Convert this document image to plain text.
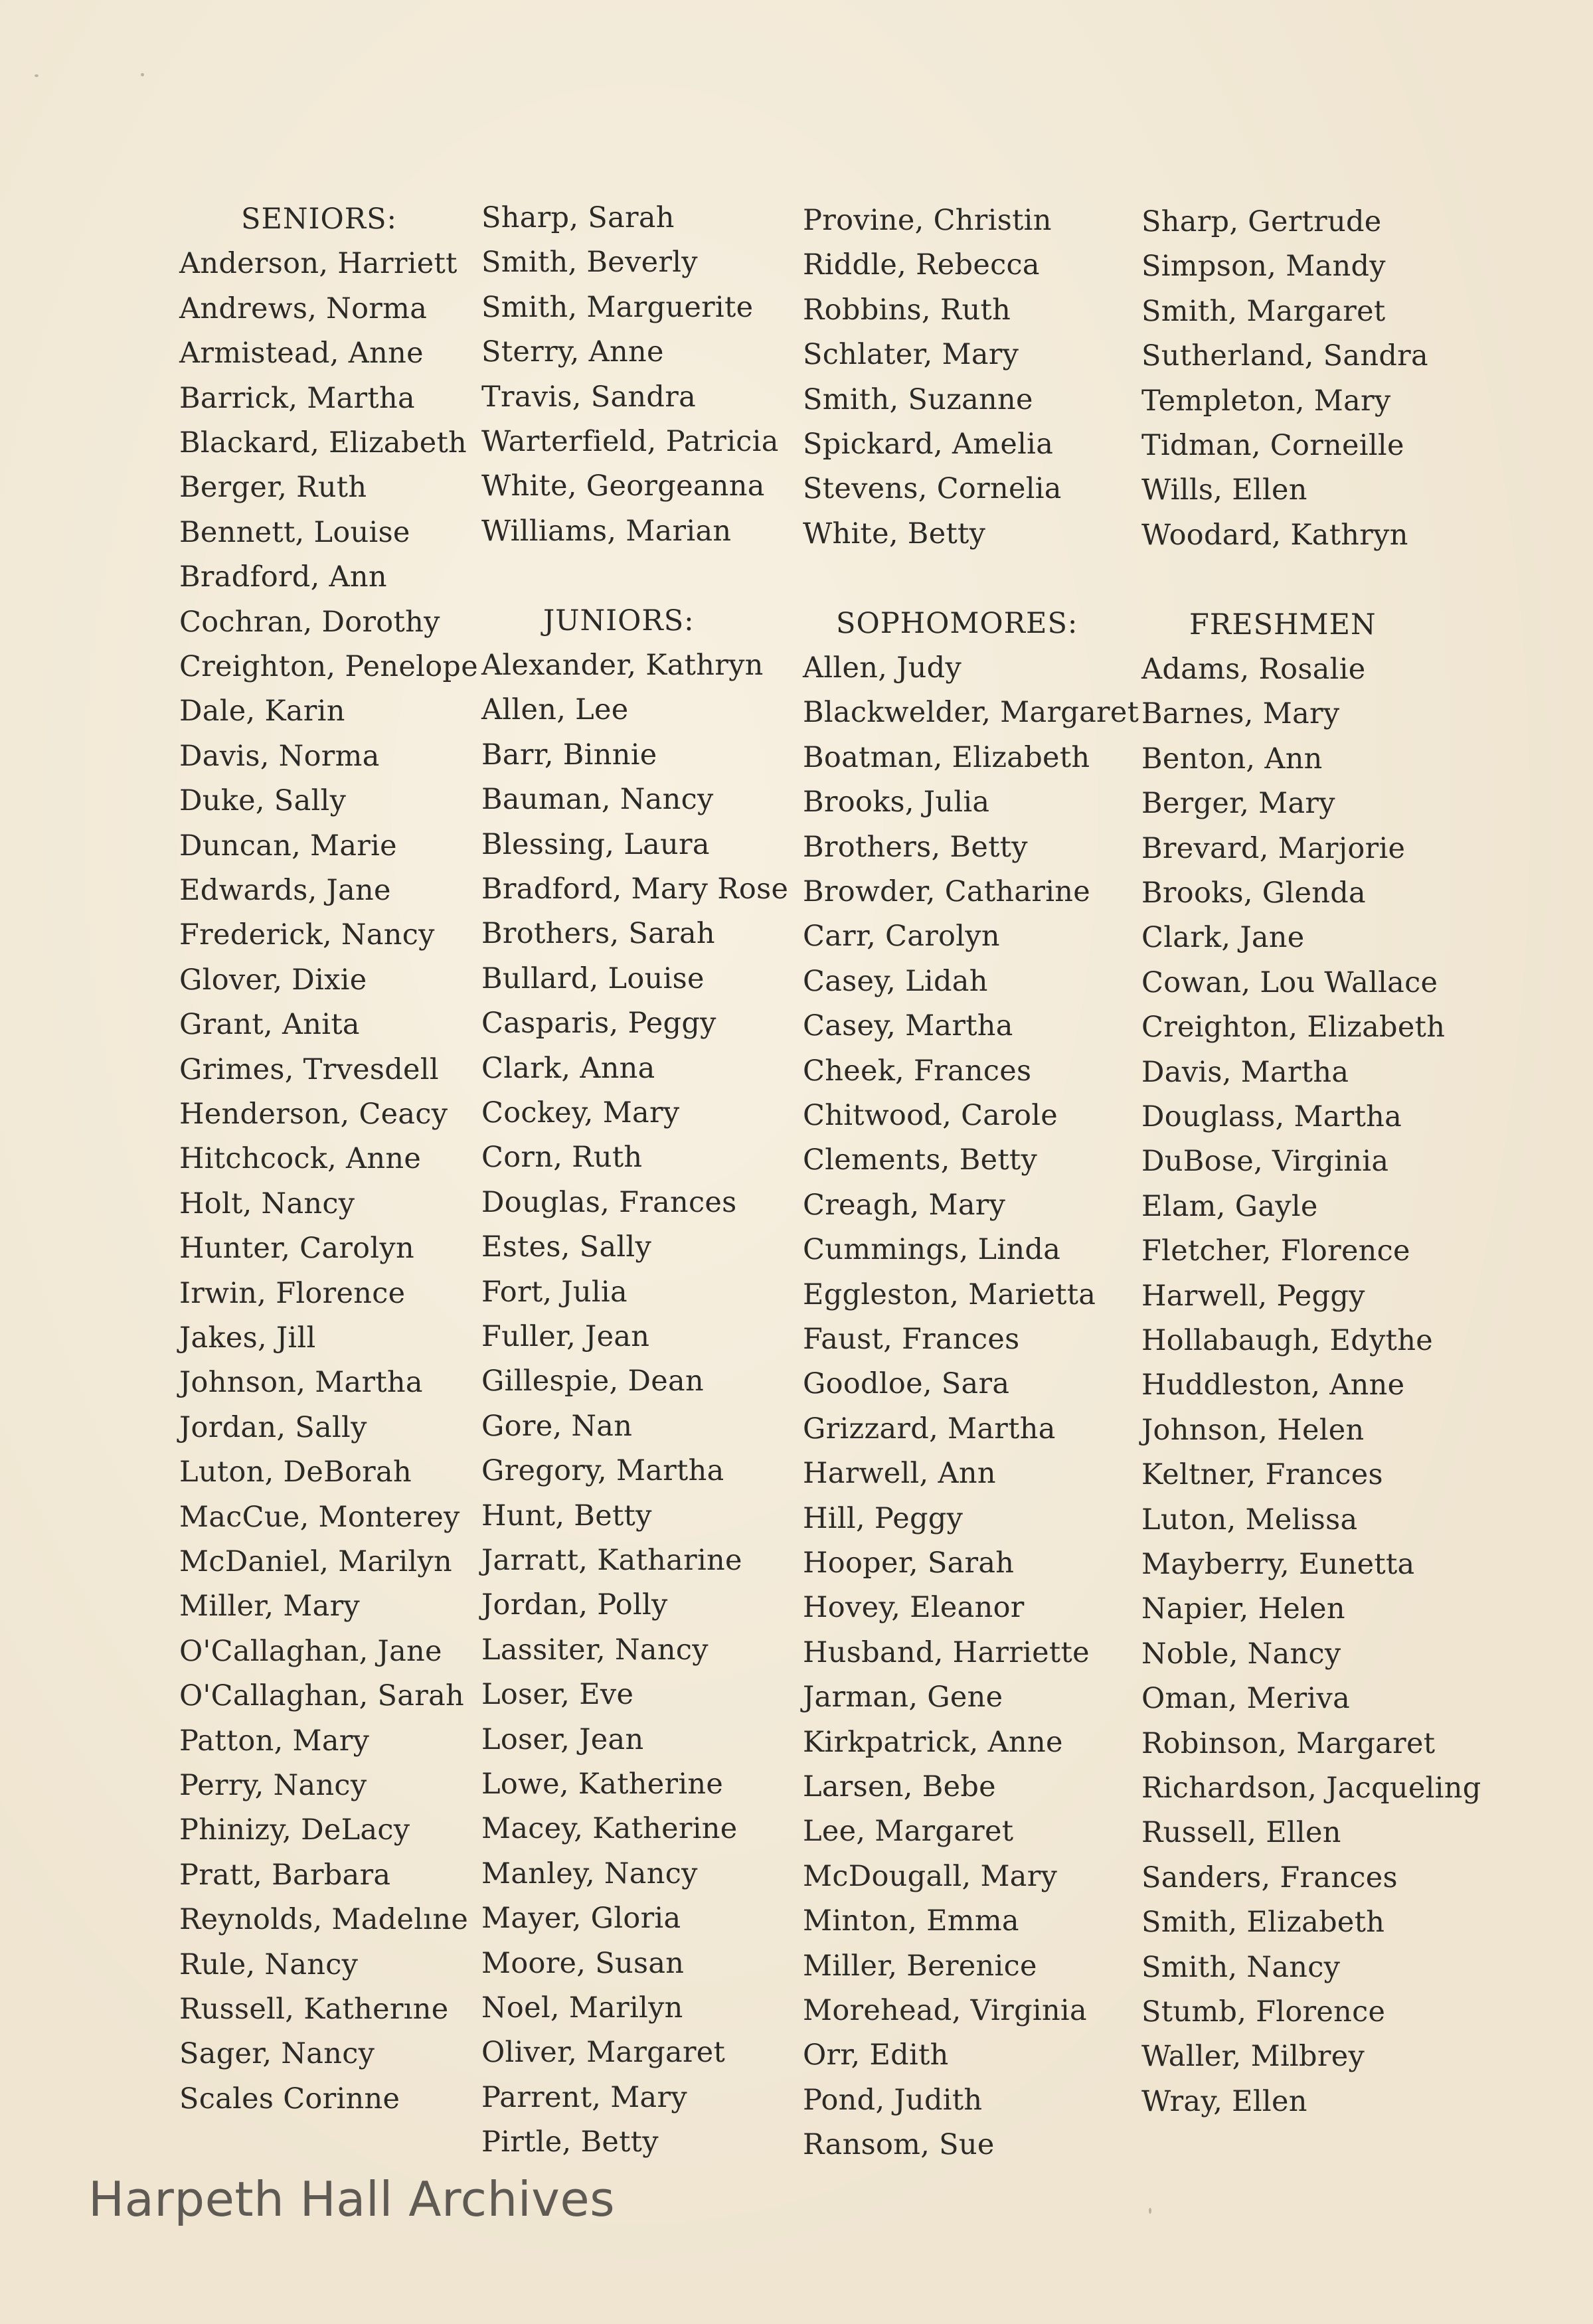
SENIORS:
Anderson, Harriett
Andrews, Norma
Armistead, Anne
Barrick, Martha
Blackard, Elizabeth
Berger, Ruth
Bennett, Louise
Bradford, Ann
Cochran, Dorothy
Creighton, Penelope
Dale, Karin
Davis, Norma
Duke, Sally
Duncan, Marie
Edwards, Jane
Frederick, Nancy
Glover, Dixie
Grant, Anita
Grimes, Trvesdell
Henderson, Ceacy
Hitchcock, Anne
Holt, Nancy
Hunter, Carolyn
Irwin, Florence
Jakes, Jill
Johnson, Martha
Jordan, Sally
Luton, DeBorah
MacCue, Monterey
McDaniel, Marilyn
Miller, Mary
O'Callaghan, Jane
O'Callaghan, Sarah
Patton, Mary
Perry, Nancy
Phinizy, DeLacy
Pratt, Barbara
Reynolds, Madelıne
Rule, Nancy
Russell, Katherıne
Sager, Nancy
Scales Corinne
Sharp, Sarah
Smith, Beverly
Smith, Marguerite
Sterry, Anne
Travis, Sandra
Warterfield, Patricia
White, Georgeanna
Williams, Marian
JUNIORS:
Alexander, Kathryn
Allen, Lee
Barr, Binnie
Bauman, Nancy
Blessing, Laura
Bradford, Mary Rose
Brothers, Sarah
Bullard, Louise
Casparis, Peggy
Clark, Anna
Cockey, Mary
Corn, Ruth
Douglas, Frances
Estes, Sally
Fort, Julia
Fuller, Jean
Gillespie, Dean
Gore, Nan
Gregory, Martha
Hunt, Betty
Jarratt, Katharine
Jordan, Polly
Lassiter, Nancy
Loser, Eve
Loser, Jean
Lowe, Katherine
Macey, Katherine
Manley, Nancy
Mayer, Gloria
Moore, Susan
Noel, Marilyn
Oliver, Margaret
Parrent, Mary
Pirtle, Betty
Provine, Christin
Riddle, Rebecca
Robbins, Ruth
Schlater, Mary
Smith, Suzanne
Spickard, Amelia
Stevens, Cornelia
White, Betty
SOPHOMORES:
Allen, Judy
Blackwelder, Margaret
Boatman, Elizabeth
Brooks, Julia
Brothers, Betty
Browder, Catharine
Carr, Carolyn
Casey, Lidah
Casey, Martha
Cheek, Frances
Chitwood, Carole
Clements, Betty
Creagh, Mary
Cummings, Linda
Eggleston, Marietta
Faust, Frances
Goodloe, Sara
Grizzard, Martha
Harwell, Ann
Hill, Peggy
Hooper, Sarah
Hovey, Eleanor
Husband, Harriette
Jarman, Gene
Kirkpatrick, Anne
Larsen, Bebe
Lee, Margaret
McDougall, Mary
Minton, Emma
Miller, Berenice
Morehead, Virginia
Orr, Edith
Pond, Judith
Ransom, Sue
Sharp, Gertrude
Simpson, Mandy
Smith, Margaret
Sutherland, Sandra
Templeton, Mary
Tidman, Corneille
Wills, Ellen
Woodard, Kathryn
FRESHMEN
Adams, Rosalie
Barnes, Mary
Benton, Ann
Berger, Mary
Brevard, Marjorie
Brooks, Glenda
Clark, Jane
Cowan, Lou Wallace
Creighton, Elizabeth
Davis, Martha
Douglass, Martha
DuBose, Virginia
Elam, Gayle
Fletcher, Florence
Harwell, Peggy
Hollabaugh, Edythe
Huddleston, Anne
Johnson, Helen
Keltner, Frances
Luton, Melissa
Mayberry, Eunetta
Napier, Helen
Noble, Nancy
Oman, Meriva
Robinson, Margaret
Richardson, Jacqueling
Russell, Ellen
Sanders, Frances
Smith, Elizabeth
Smith, Nancy
Stumb, Florence
Waller, Milbrey
Wray, Ellen
Harpeth Hall Archives
